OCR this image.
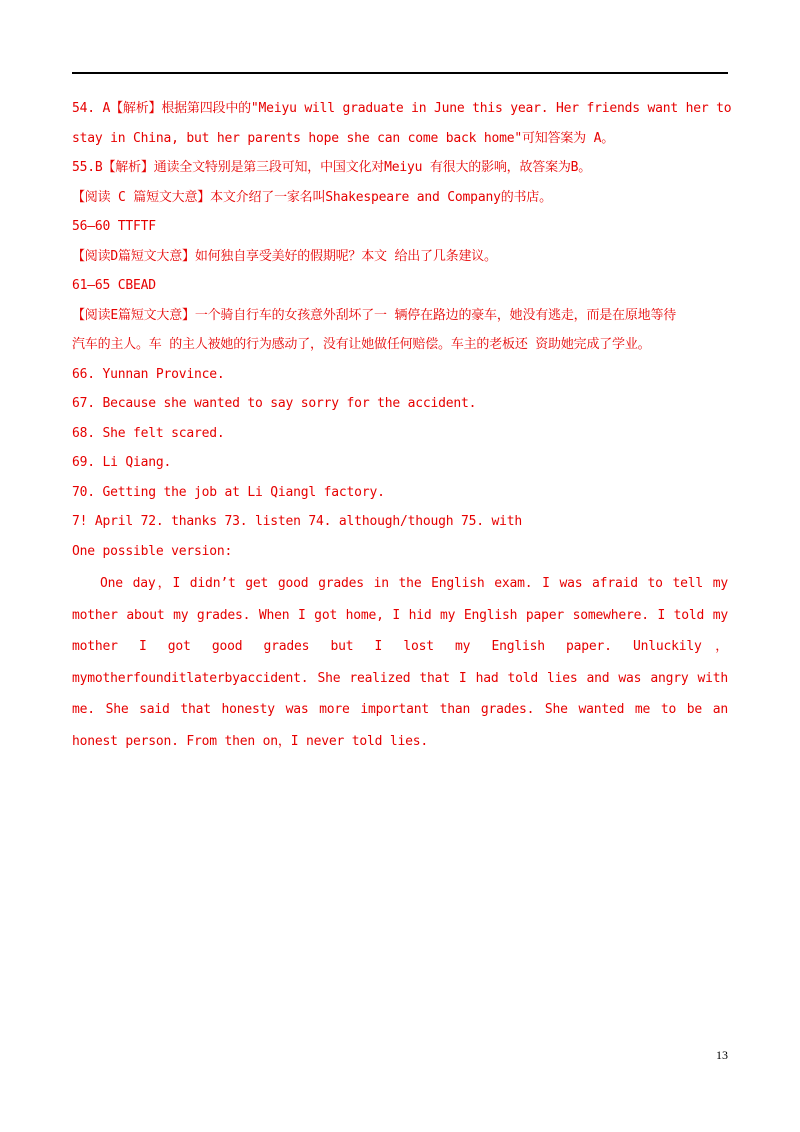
54. A【解析】根据第四段中的"Meiyu will graduate in June this year. Her friends want her to
stay in China, but her parents hope she can come back home"可知答案为 A。
55.B【解析】通读全文特别是第三段可知，中国文化对Meiyu 有很大的影响，故答案为B。
【阅读 C 篇短文大意】本文介绍了一家名叫Shakespeare and Company的书店。
56—60 TTFTF
【阅读D篇短文大意】如何独自享受美好的假期呢？本文 给出了几条建议。
61—65 CBEAD
【阅读E篇短文大意】一个骑自行车的女孩意外刮坏了一 辆停在路边的豪车，她没有逃走，而是在原地等待
汽车的主人。车 的主人被她的行为感动了，没有让她做任何赔偿。车主的老板还 资助她完成了学业。
66. Yunnan Province.
67. Because she wanted to say sorry for the accident.
68. She felt scared.
69. Li Qiang.
70. Getting the job at Li Qiangl factory.
7! April 72. thanks 73. listen 74. although/though 75. with
One possible version:
One day，I didn’t get good grades in the English exam. I was afraid to tell my mother about my grades. When I got home, I hid my English paper somewhere. I told my mother I got good grades but I lost my English paper. Unluckily， mymotherfounditlaterbyaccident. She realized that I had told lies and was angry with me. She said that honesty was more important than grades. She wanted me to be an honest person. From then on，I never told lies.
13
